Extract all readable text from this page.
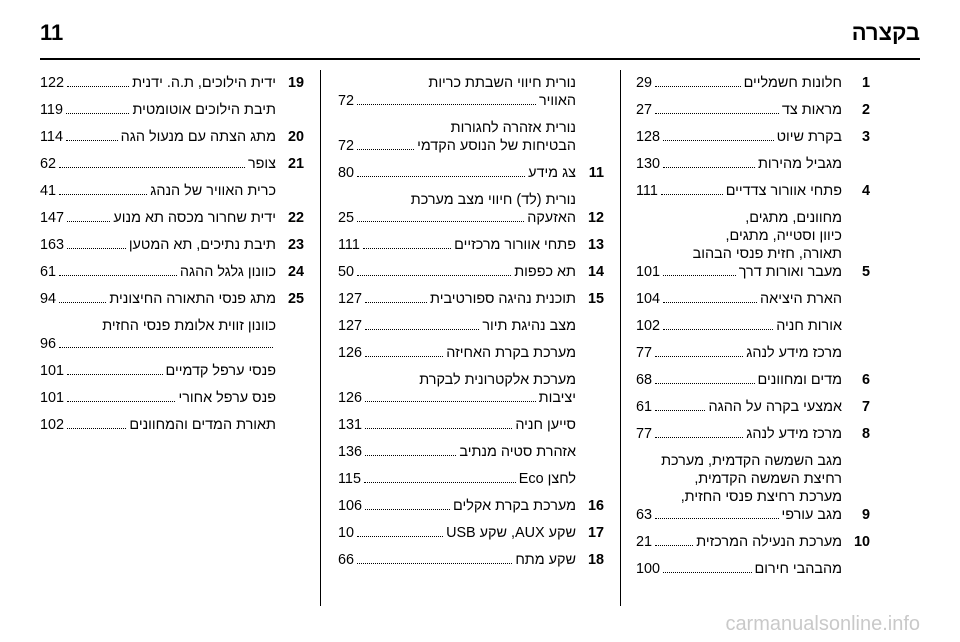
11	בקצרה
1
חלונות חשמליים
29
2
מראות צד
27
3
בקרת שיוט
128
מגביל מהירות
130
4
פתחי אוורור צדדיים
111
5
מחוונים, מתגים,
כיוון וסטייה, מתגים,
תאורה, חזית פנסי הבהוב
מעבר ואורות דרך
101
הארת היציאה
104
אורות חניה
102
מרכז מידע לנהג
77
6
מדים ומחוונים
68
7
אמצעי בקרה על ההגה
61
8
מרכז מידע לנהג
77
9
מגב השמשה הקדמית, מערכת
רחיצת השמשה הקדמית,
מערכת רחיצת פנסי החזית,
מגב עורפי
63
10
מערכת הנעילה המרכזית
21
מהבהבי חירום
100
נורית חיווי השבתת כריות
האוויר
72
נורית אזהרה לחגורות
הבטיחות של הנוסע הקדמי
72
11
צג מידע
80
12
נורית (לד) חיווי מצב מערכת
האזעקה
25
13
פתחי אוורור מרכזיים
111
14
תא כפפות
50
15
תוכנית נהיגה ספורטיבית
127
מצב נהיגת תיור
127
מערכת בקרת האחיזה
126
מערכת אלקטרונית לבקרת
יציבות
126
סייען חניה
131
אזהרת סטיה מנתיב
136
לחצן Eco
115
16
מערכת בקרת אקלים
106
17
שקע AUX, שקע USB
10
18
שקע מתח
66
19
ידית הילוכים, ת.ה. ידנית
122
תיבת הילוכים אוטומטית
119
20
מתג הצתה עם מנעול הגה
114
21
צופר
62
כרית האוויר של הנהג
41
22
ידית שחרור מכסה תא מנוע
147
23
תיבת נתיכים, תא המטען
163
24
כוונון גלגל ההגה
61
25
מתג פנסי התאורה החיצונית
94
כוונון זווית אלומת פנסי החזית
96
פנסי ערפל קדמיים
101
פנס ערפל אחורי
101
תאורת המדים והמחוונים
102
carmanualsonline.info
